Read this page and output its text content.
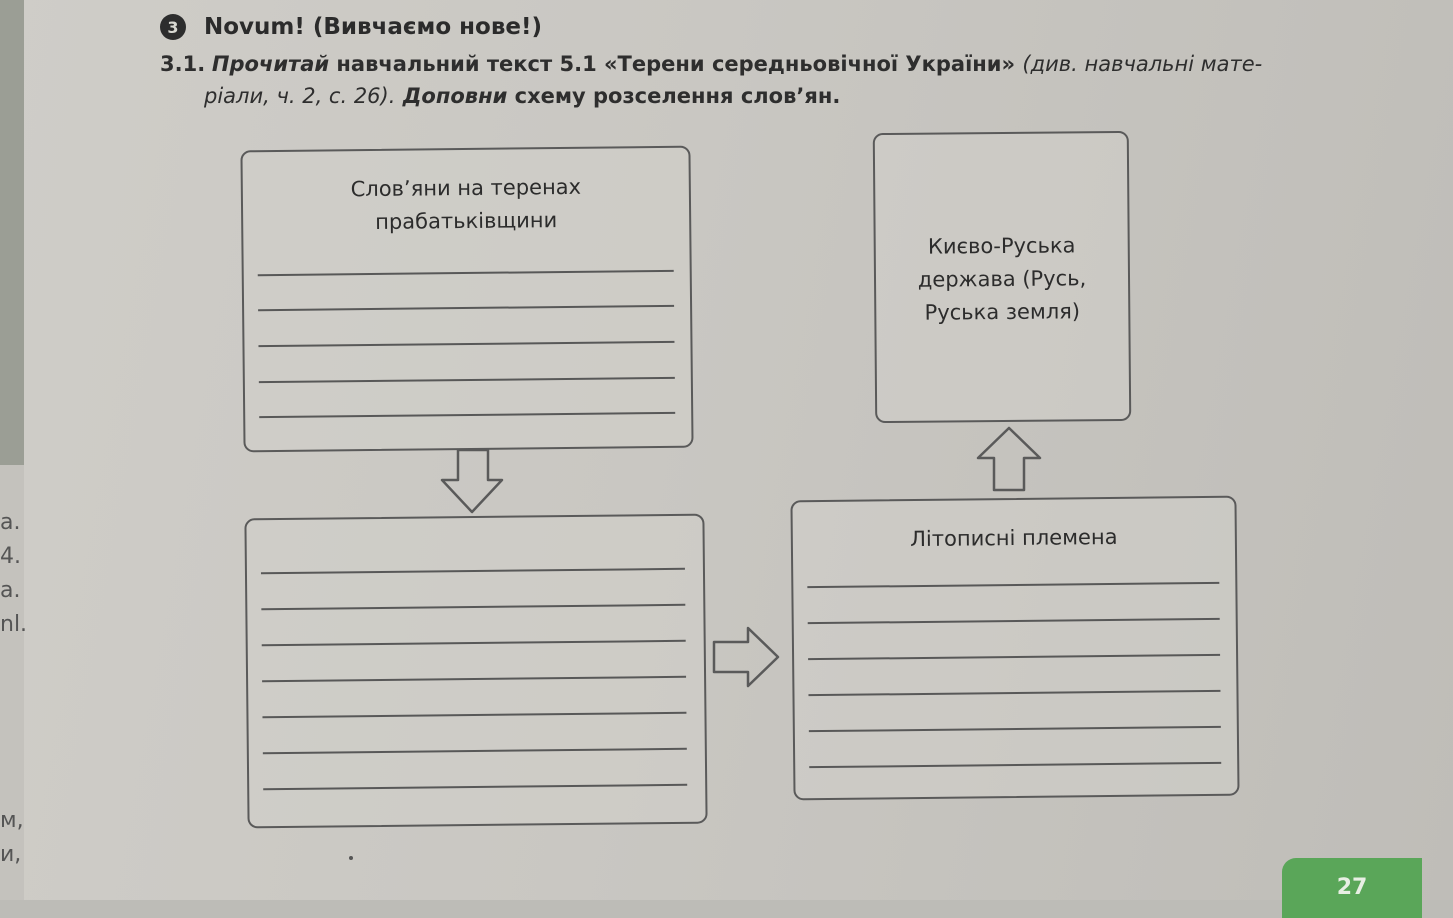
а.
4.
а.
nl.
м,
и,
3	Novum! (Вивчаємо нове!)
3.1. Прочитай навчальний текст 5.1 «Терени середньовічної України» (див. навчальні мате-
ріали, ч. 2, с. 26). Доповни схему розселення слов’ян.
Слов’яни на теренах
прабатьківщини
Києво-Руська
держава (Русь,
Руська земля)
Літописні племена
27
